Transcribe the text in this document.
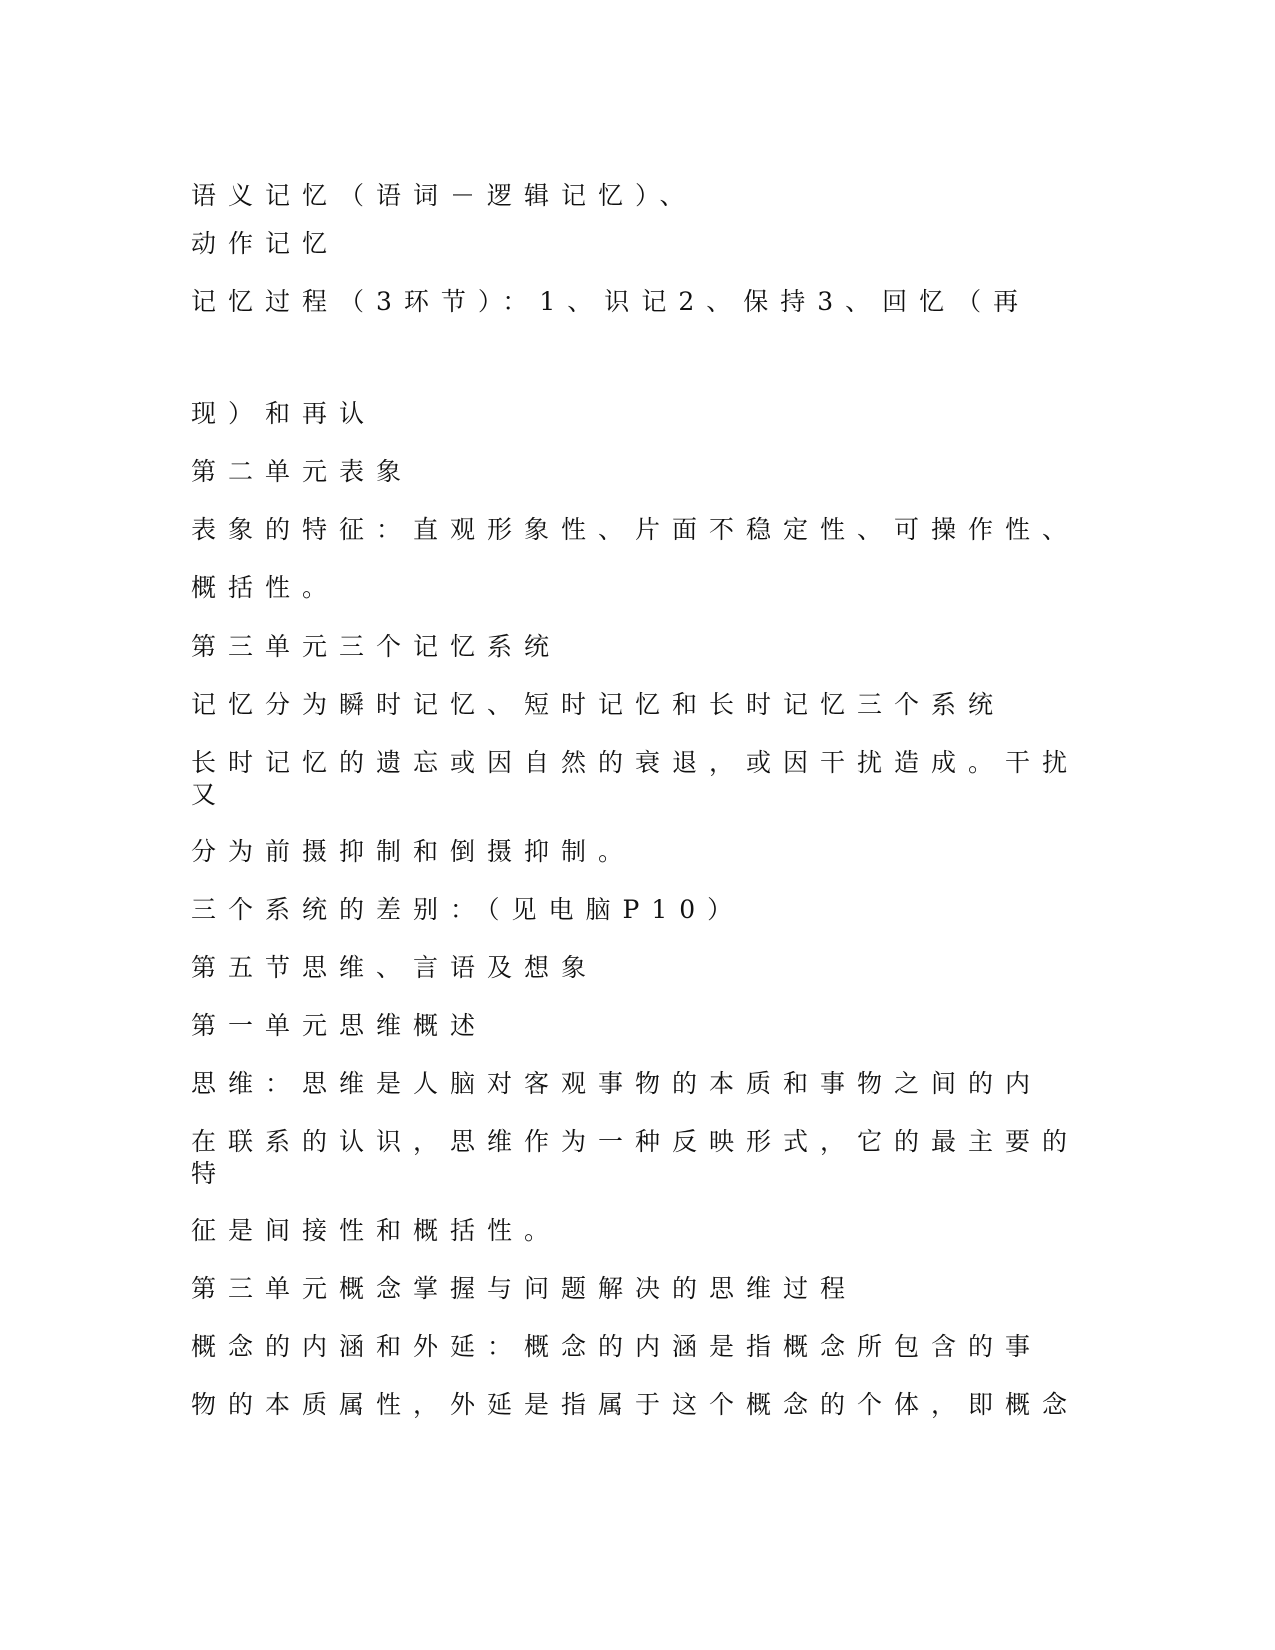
语义记忆（语词－逻辑记忆）、
动作记忆
记忆过程（3环节）：1、识记2、保持3、回忆（再
现）和再认
第二单元表象
表象的特征：直观形象性、片面不稳定性、可操作性、
概括性。
第三单元三个记忆系统
记忆分为瞬时记忆、短时记忆和长时记忆三个系统
长时记忆的遗忘或因自然的衰退，或因干扰造成。干扰又
分为前摄抑制和倒摄抑制。
三个系统的差别：（见电脑P10）
第五节思维、言语及想象
第一单元思维概述
思维：思维是人脑对客观事物的本质和事物之间的内
在联系的认识，思维作为一种反映形式，它的最主要的特
征是间接性和概括性。
第三单元概念掌握与问题解决的思维过程
概念的内涵和外延：概念的内涵是指概念所包含的事
物的本质属性，外延是指属于这个概念的个体，即概念
